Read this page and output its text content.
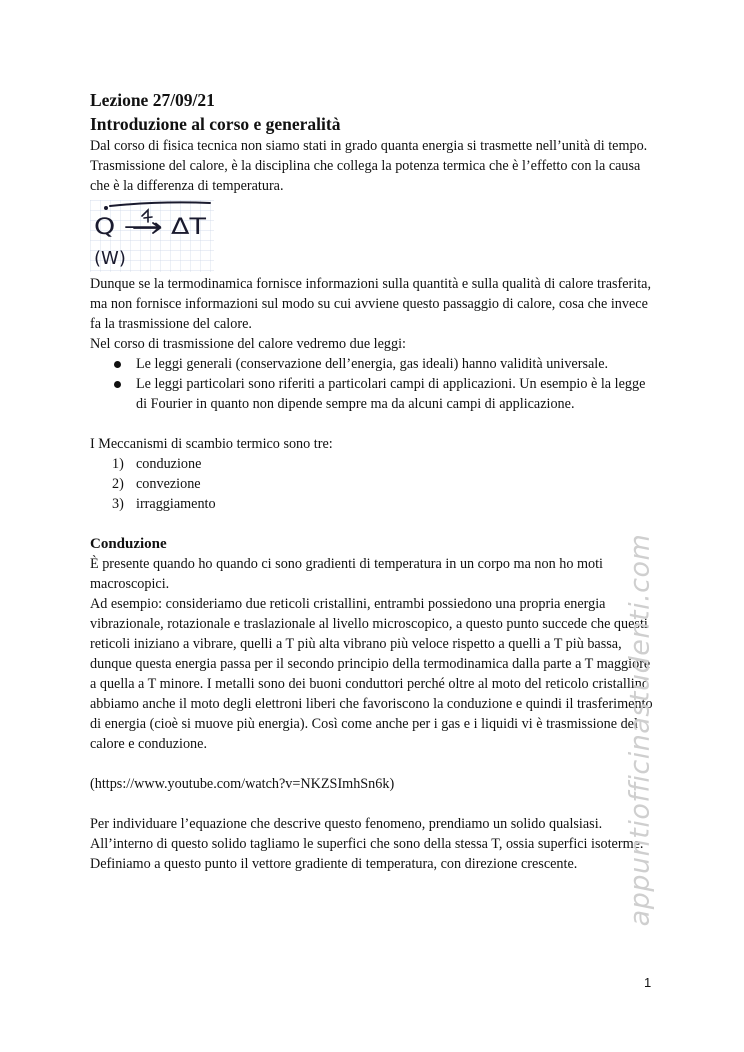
Lezione 27/09/21
Introduzione al corso e generalità

Dal corso di fisica tecnica non siamo stati in grado quanta energia si trasmette nell’unità di tempo.

Trasmissione del calore, è la disciplina che collega la potenza termica che è l’effetto con la causa che è la differenza di temperatura.

Q ⟶ ΔT
(W)

Dunque se la termodinamica fornisce informazioni sulla quantità e sulla qualità di calore trasferita, ma non fornisce informazioni sul modo su cui avviene questo passaggio di calore, cosa che invece fa la trasmissione del calore.

Nel corso di trasmissione del calore vedremo due leggi:

Le leggi generali (conservazione dell’energia, gas ideali) hanno validità universale.
Le leggi particolari sono riferiti a particolari campi di applicazioni. Un esempio è la legge di Fourier in quanto non dipende sempre ma da alcuni campi di applicazione.

I Meccanismi di scambio termico sono tre:

1) conduzione
2) convezione
3) irraggiamento
Conduzione

È presente quando ho quando ci sono gradienti di temperatura in un corpo ma non ho moti macroscopici.

Ad esempio: consideriamo due reticoli cristallini, entrambi possiedono una propria energia vibrazionale, rotazionale e traslazionale al livello microscopico, a questo punto succede che questi reticoli iniziano a vibrare, quelli a T più alta vibrano più veloce rispetto a quelli a T più bassa, dunque questa energia passa per il secondo principio della termodinamica dalla parte a T maggiore a quella a T minore. I metalli sono dei buoni conduttori perché oltre al moto del reticolo cristallino abbiamo anche il moto degli elettroni liberi che favoriscono la conduzione e quindi il trasferimento di energia (cioè si muove più energia). Così come anche per i gas e i liquidi vi è trasmissione del calore e conduzione.

(https://www.youtube.com/watch?v=NKZSImhSn6k)

Per individuare l’equazione che descrive questo fenomeno, prendiamo un solido qualsiasi. All’interno di questo solido tagliamo le superfici che sono della stessa T, ossia superfici isoterme. Definiamo a questo punto il vettore gradiente di temperatura, con direzione crescente.	appuntiofficinastudenti.com
1
